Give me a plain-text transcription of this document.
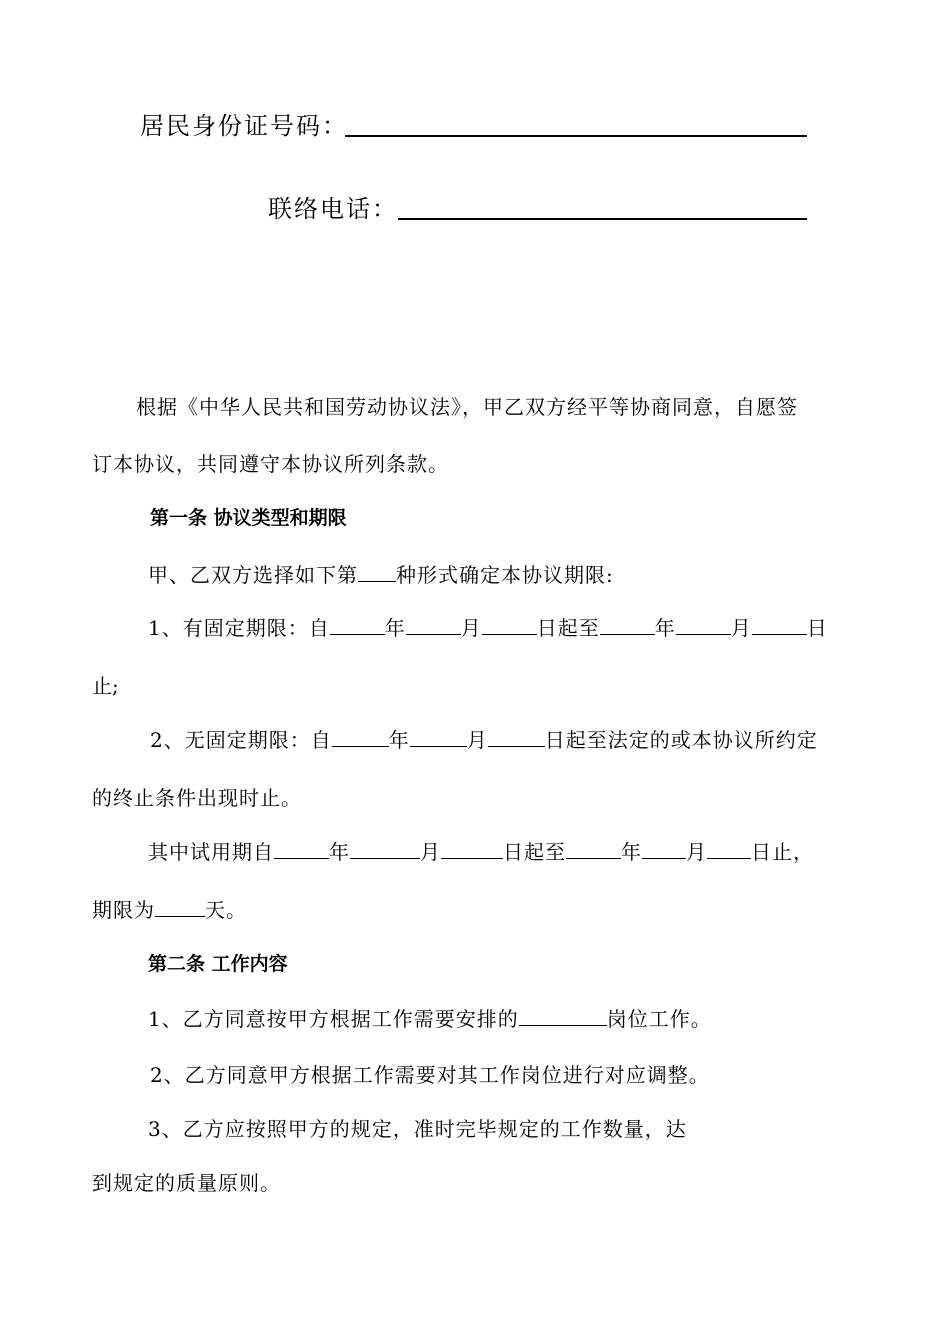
居民身份证号码：
联络电话：
根据《中华人民共和国劳动协议法》，甲乙双方经平等协商同意，自愿签
订本协议，共同遵守本协议所列条款。
第一条 协议类型和期限
甲、乙双方选择如下第 种形式确定本协议期限:
1、有固定期限：自	年	月	日起至	年	月	日
止;
2、无固定期限：自	年	月	日起至法定的或本协议所约定
的终止条件出现时止。
其中试用期自	年	月	日起至	年 月 日止，
期限为	天。
第二条 工作内容
1、乙方同意按甲方根据工作需要安排的	岗位工作。
2、乙方同意甲方根据工作需要对其工作岗位进行对应调整。
3、乙方应按照甲方的规定，准时完毕规定的工作数量，达
到规定的质量原则。
